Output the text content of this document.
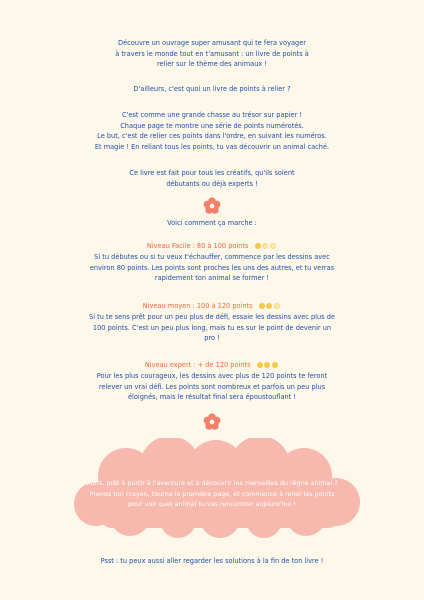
Découvre un ouvrage super amusant qui te fera voyager
à travers le monde tout en t'amusant : un livre de points à
relier sur le thème des animaux !
D'ailleurs, c'est quoi un livre de points à relier ?
C'est comme une grande chasse au trésor sur papier !
Chaque page te montre une série de points numérotés.
Le but, c'est de relier ces points dans l'ordre, en suivant les numéros.
Et magie ! En reliant tous les points, tu vas découvrir un animal caché.
Ce livre est fait pour tous les créatifs, qu'ils soient
débutants ou déjà experts !
Voici comment ça marche :
Niveau Facile : 80 à 100 points
Si tu débutes ou si tu veux t'échauffer, commence par les dessins avec
environ 80 points. Les points sont proches les uns des autres, et tu verras
rapidement ton animal se former !
Niveau moyen : 100 à 120 points
Si tu te sens prêt pour un peu plus de défi, essaie les dessins avec plus de
100 points. C'est un peu plus long, mais tu es sur le point de devenir un
pro !
Niveau expert : + de 120 points
Pour les plus courageux, les dessins avec plus de 120 points te feront
relever un vrai défi. Les points sont nombreux et parfois un peu plus
éloignés, mais le résultat final sera époustouflant !
Alors, prêt à partir à l'aventure et à découvrir les merveilles du règne animal ?
Prends ton crayon, tourne la première page, et commence à relier les points
pour voir quel animal tu vas rencontrer aujourd'hui !
Psst : tu peux aussi aller regarder les solutions à la fin de ton livre !
